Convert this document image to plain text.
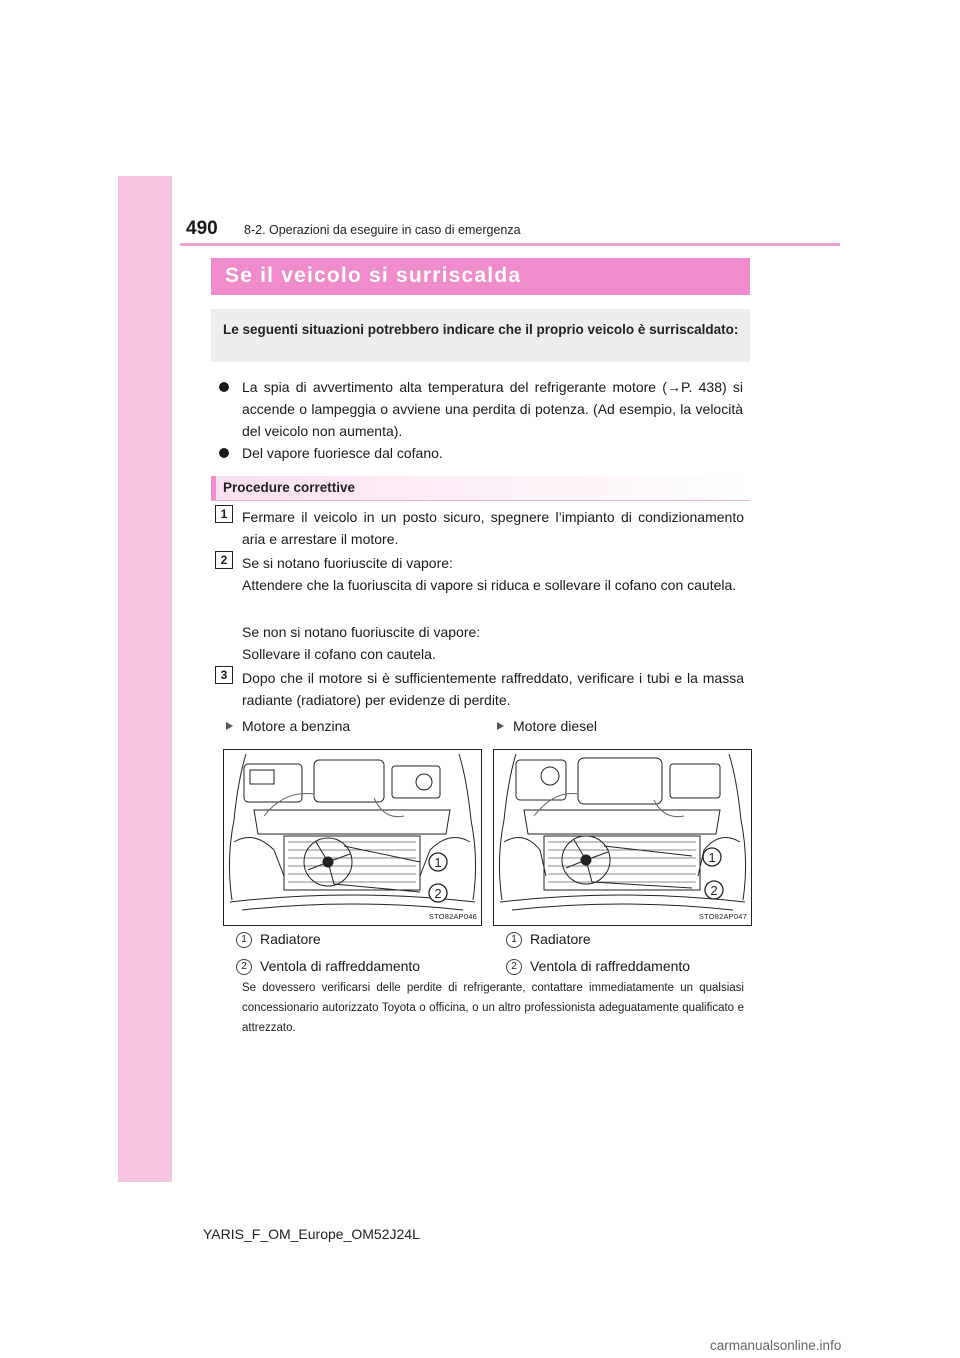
490 8-2. Operazioni da eseguire in caso di emergenza
Se il veicolo si surriscalda
Le seguenti situazioni potrebbero indicare che il proprio veicolo è surriscaldato:
La spia di avvertimento alta temperatura del refrigerante motore (→P. 438) si accende o lampeggia o avviene una perdita di potenza. (Ad esempio, la velocità del veicolo non aumenta).
Del vapore fuoriesce dal cofano.
Procedure correttive
1	Fermare il veicolo in un posto sicuro, spegnere l’impianto di condizionamento aria e arrestare il motore.
2	Se si notano fuoriuscite di vapore:
Attendere che la fuoriuscita di vapore si riduca e sollevare il cofano con cautela.
Se non si notano fuoriuscite di vapore:
Sollevare il cofano con cautela.
3	Dopo che il motore si è sufficientemente raffreddato, verificare i tubi e la massa radiante (radiatore) per evidenze di perdite.
Motore a benzina
1
2
STO82AP046
Motore diesel
1
2
STO82AP047
1 Radiatore
2 Ventola di raffreddamento
1 Radiatore
2 Ventola di raffreddamento
Se dovessero verificarsi delle perdite di refrigerante, contattare immediatamente un qualsiasi concessionario autorizzato Toyota o officina, o un altro professionista adeguatamente qualificato e attrezzato.
YARIS_F_OM_Europe_OM52J24L
carmanualsonline.info
